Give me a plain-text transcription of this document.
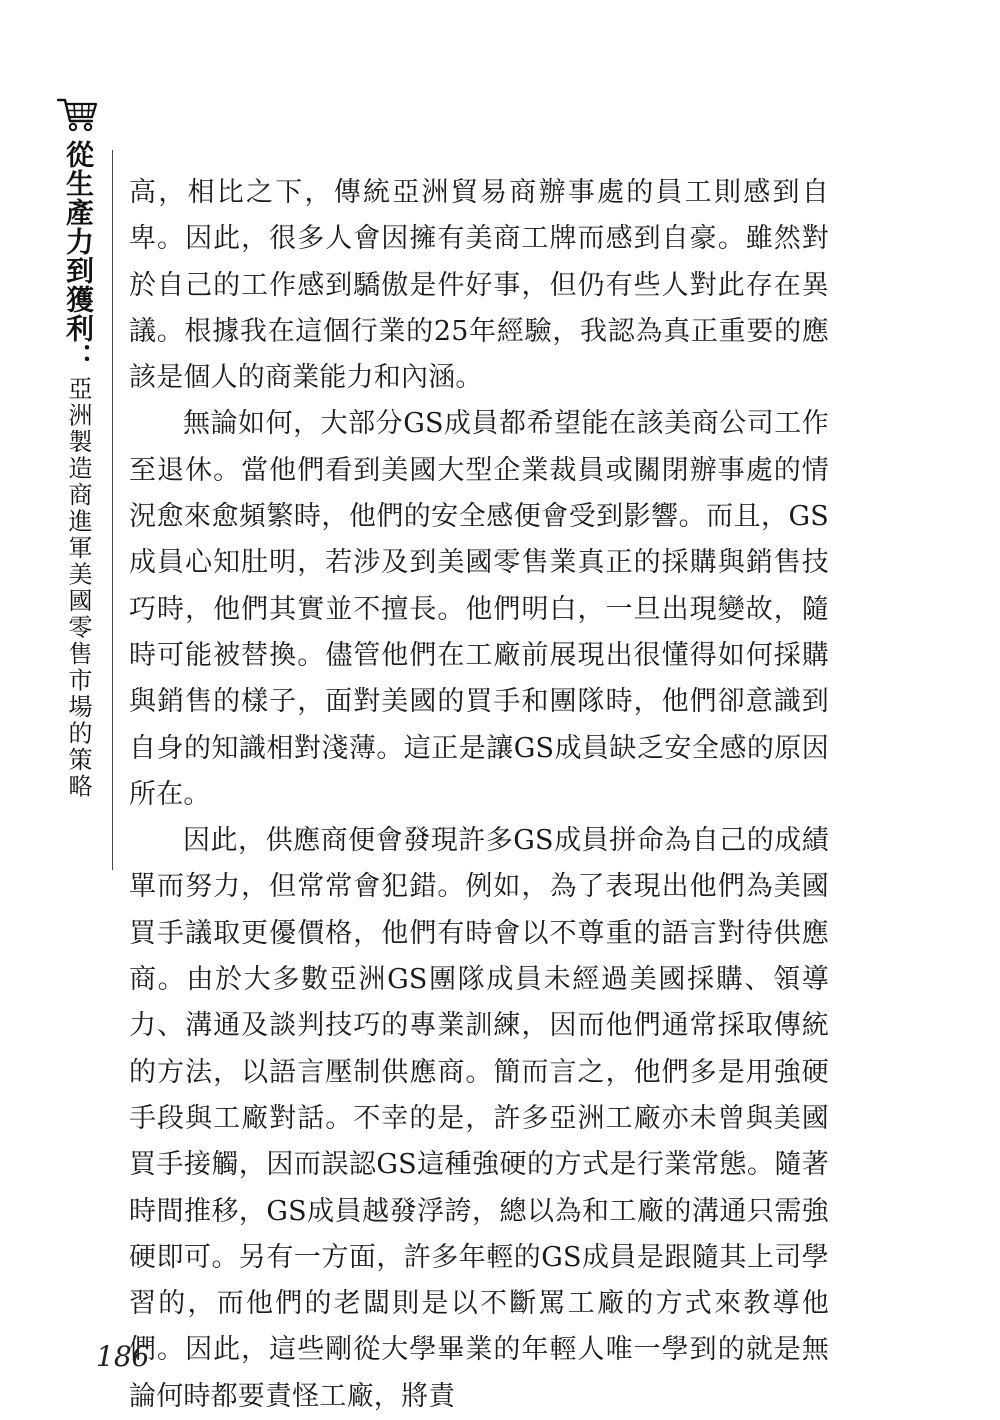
從生產力到獲利：
亞洲製造商進軍美國零售市場的策略

高，相比之下，傳統亞洲貿易商辦事處的員工則感到自卑。因此，很多人會因擁有美商工牌而感到自豪。雖然對於自己的工作感到驕傲是件好事，但仍有些人對此存在異議。根據我在這個行業的25年經驗，我認為真正重要的應該是個人的商業能力和內涵。

無論如何，大部分GS成員都希望能在該美商公司工作至退休。當他們看到美國大型企業裁員或關閉辦事處的情況愈來愈頻繁時，他們的安全感便會受到影響。而且，GS成員心知肚明，若涉及到美國零售業真正的採購與銷售技巧時，他們其實並不擅長。他們明白，一旦出現變故，隨時可能被替換。儘管他們在工廠前展現出很懂得如何採購與銷售的樣子，面對美國的買手和團隊時，他們卻意識到自身的知識相對淺薄。這正是讓GS成員缺乏安全感的原因所在。

因此，供應商便會發現許多GS成員拼命為自己的成績單而努力，但常常會犯錯。例如，為了表現出他們為美國買手議取更優價格，他們有時會以不尊重的語言對待供應商。由於大多數亞洲GS團隊成員未經過美國採購、領導力、溝通及談判技巧的專業訓練，因而他們通常採取傳統的方法，以語言壓制供應商。簡而言之，他們多是用強硬手段與工廠對話。不幸的是，許多亞洲工廠亦未曾與美國買手接觸，因而誤認GS這種強硬的方式是行業常態。隨著時間推移，GS成員越發浮誇，總以為和工廠的溝通只需強硬即可。另有一方面，許多年輕的GS成員是跟隨其上司學習的，而他們的老闆則是以不斷罵工廠的方式來教導他們。因此，這些剛從大學畢業的年輕人唯一學到的就是無論何時都要責怪工廠，將責

186
